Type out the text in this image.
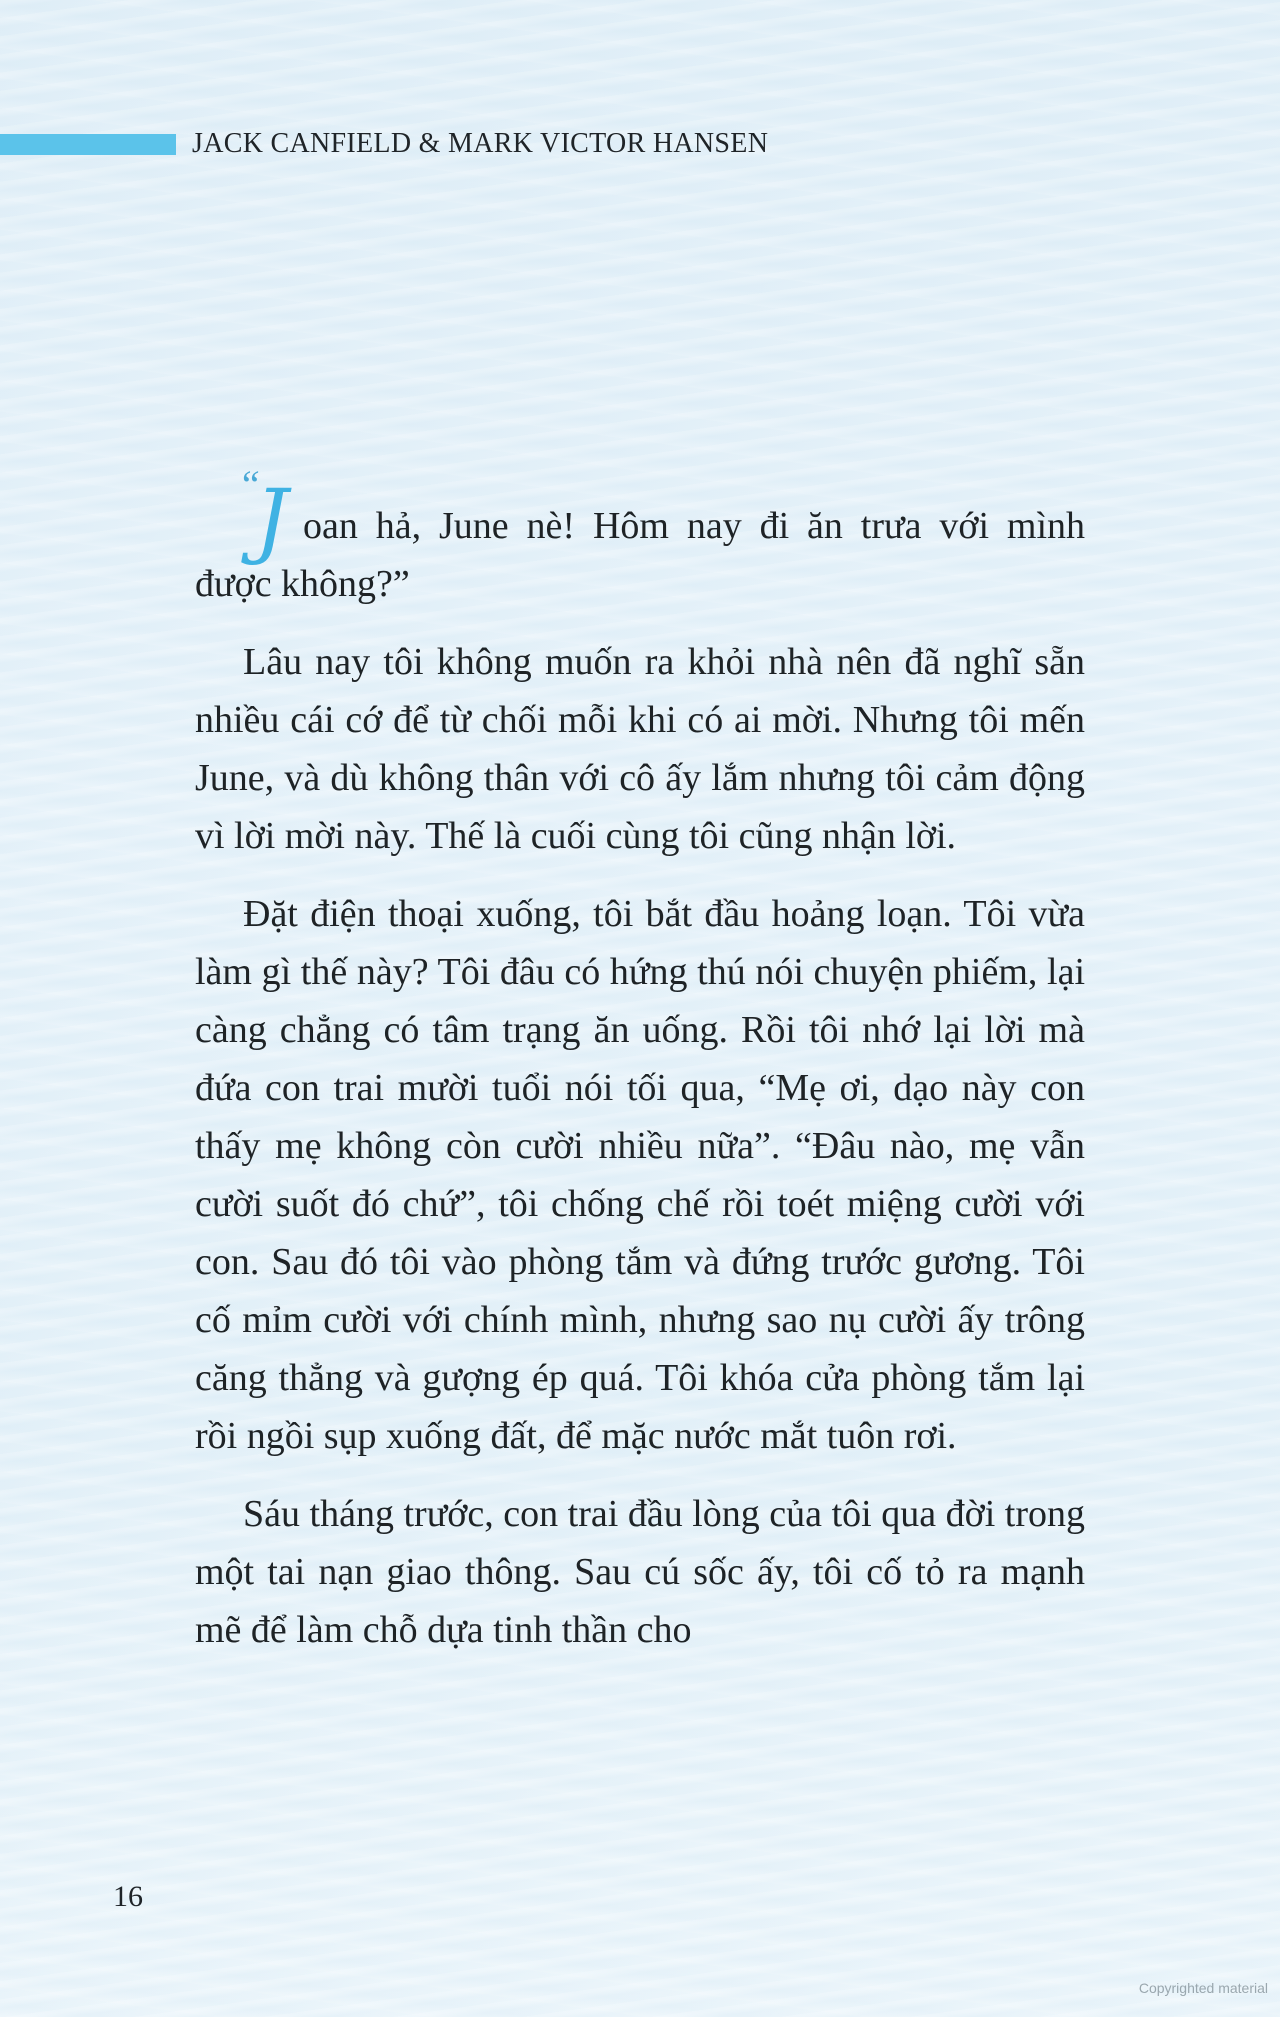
JACK CANFIELD & MARK VICTOR HANSEN

“
J oan hả, June nè! Hôm nay đi ăn trưa với mình được không?”

Lâu nay tôi không muốn ra khỏi nhà nên đã nghĩ sẵn nhiều cái cớ để từ chối mỗi khi có ai mời. Nhưng tôi mến June, và dù không thân với cô ấy lắm nhưng tôi cảm động vì lời mời này. Thế là cuối cùng tôi cũng nhận lời.

Đặt điện thoại xuống, tôi bắt đầu hoảng loạn. Tôi vừa làm gì thế này? Tôi đâu có hứng thú nói chuyện phiếm, lại càng chẳng có tâm trạng ăn uống. Rồi tôi nhớ lại lời mà đứa con trai mười tuổi nói tối qua, “Mẹ ơi, dạo này con thấy mẹ không còn cười nhiều nữa”. “Đâu nào, mẹ vẫn cười suốt đó chứ”, tôi chống chế rồi toét miệng cười với con. Sau đó tôi vào phòng tắm và đứng trước gương. Tôi cố mỉm cười với chính mình, nhưng sao nụ cười ấy trông căng thẳng và gượng ép quá. Tôi khóa cửa phòng tắm lại rồi ngồi sụp xuống đất, để mặc nước mắt tuôn rơi.

Sáu tháng trước, con trai đầu lòng của tôi qua đời trong một tai nạn giao thông. Sau cú sốc ấy, tôi cố tỏ ra mạnh mẽ để làm chỗ dựa tinh thần cho

16
Copyrighted material
